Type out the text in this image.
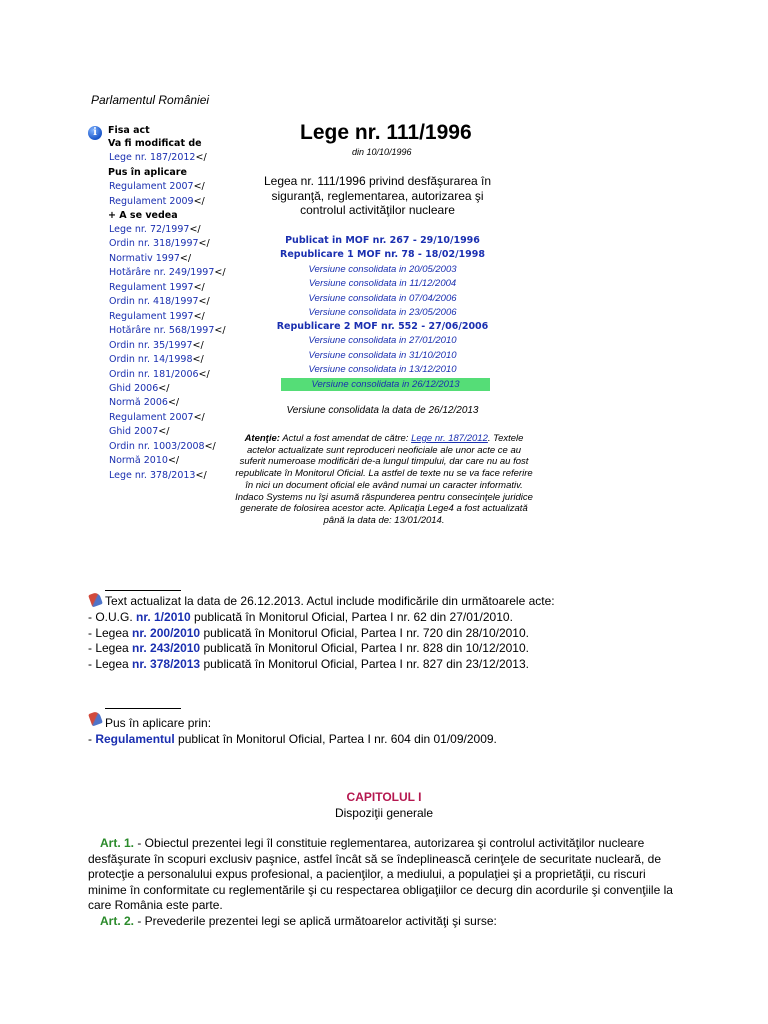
Parlamentul României
i	Fisa act
Va fi modificat de
Lege nr. 187/2012</
Pus în aplicare
Regulament 2007</
Regulament 2009</
+ A se vedea
Lege nr. 72/1997</
Ordin nr. 318/1997</
Normativ 1997</
Hotărâre nr. 249/1997</
Regulament 1997</
Ordin nr. 418/1997</
Regulament 1997</
Hotărâre nr. 568/1997</
Ordin nr. 35/1997</
Ordin nr. 14/1998</
Ordin nr. 181/2006</
Ghid 2006</
Normă 2006</
Regulament 2007</
Ghid 2007</
Ordin nr. 1003/2008</
Normă 2010</
Lege nr. 378/2013</
Lege nr. 111/1996
din 10/10/1996
Legea nr. 111/1996 privind desfăşurarea în siguranţă, reglementarea, autorizarea şi controlul activităţilor nucleare
Publicat in MOF nr. 267 - 29/10/1996
Republicare 1 MOF nr. 78 - 18/02/1998
Versiune consolidata in 20/05/2003
Versiune consolidata in 11/12/2004
Versiune consolidata in 07/04/2006
Versiune consolidata in 23/05/2006
Republicare 2 MOF nr. 552 - 27/06/2006
Versiune consolidata in 27/01/2010
Versiune consolidata in 31/10/2010
Versiune consolidata in 13/12/2010
Versiune consolidata in 26/12/2013
Versiune consolidata la data de 26/12/2013
Atenţie: Actul a fost amendat de către: Lege nr. 187/2012. Textele actelor actualizate sunt reproduceri neoficiale ale unor acte ce au suferit numeroase modificări de-a lungul timpului, dar care nu au fost republicate în Monitorul Oficial. La astfel de texte nu se va face referire în nici un document oficial ele având numai un caracter informativ. Indaco Systems nu îşi asumă răspunderea pentru consecinţele juridice generate de folosirea acestor acte. Aplicaţia Lege4 a fost actualizată până la data de: 13/01/2014.
Text actualizat la data de 26.12.2013. Actul include modificările din următoarele acte:
- O.U.G. nr. 1/2010 publicată în Monitorul Oficial, Partea I nr. 62 din 27/01/2010.
- Legea nr. 200/2010 publicată în Monitorul Oficial, Partea I nr. 720 din 28/10/2010.
- Legea nr. 243/2010 publicată în Monitorul Oficial, Partea I nr. 828 din 10/12/2010.
- Legea nr. 378/2013 publicată în Monitorul Oficial, Partea I nr. 827 din 23/12/2013.
Pus în aplicare prin:
- Regulamentul publicat în Monitorul Oficial, Partea I nr. 604 din 01/09/2009.
CAPITOLUL I
Dispoziţii generale
Art. 1. - Obiectul prezentei legi îl constituie reglementarea, autorizarea şi controlul activităţilor nucleare desfăşurate în scopuri exclusiv paşnice, astfel încât să se îndeplinească cerinţele de securitate nucleară, de protecţie a personalului expus profesional, a pacienţilor, a mediului, a populaţiei şi a proprietăţii, cu riscuri minime în conformitate cu reglementările şi cu respectarea obligaţiilor ce decurg din acordurile şi convenţiile la care România este parte.
Art. 2. - Prevederile prezentei legi se aplică următoarelor activităţi şi surse:
